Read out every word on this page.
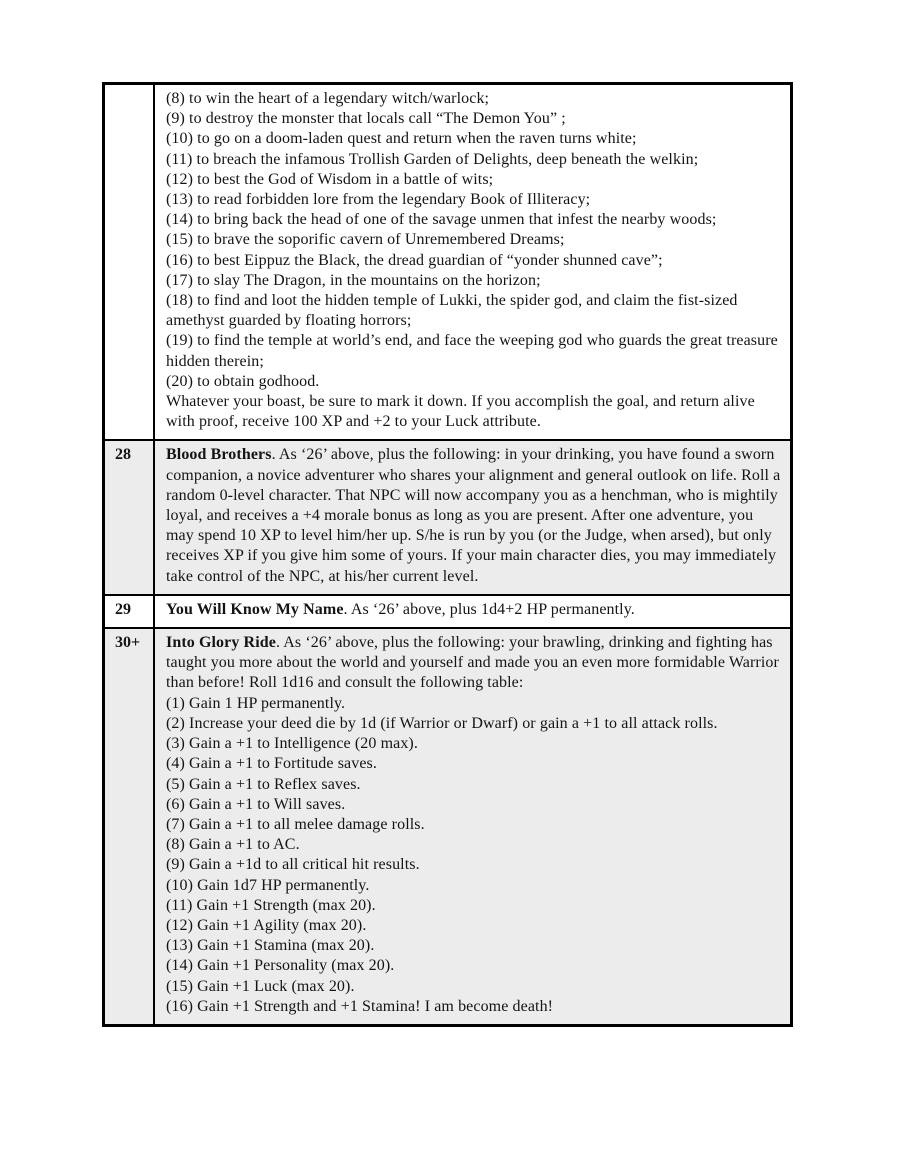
(8) to win the heart of a legendary witch/warlock;

(9) to destroy the monster that locals call “The Demon You” ;

(10) to go on a doom-laden quest and return when the raven turns white;

(11) to breach the infamous Trollish Garden of Delights, deep beneath the welkin;

(12) to best the God of Wisdom in a battle of wits;

(13) to read forbidden lore from the legendary Book of Illiteracy;

(14) to bring back the head of one of the savage unmen that infest the nearby woods;

(15) to brave the soporific cavern of Unremembered Dreams;

(16) to best Eippuz the Black, the dread guardian of “yonder shunned cave”;

(17) to slay The Dragon, in the mountains on the horizon;

(18) to find and loot the hidden temple of Lukki, the spider god, and claim the fist-sized amethyst guarded by floating horrors;

(19) to find the temple at world’s end, and face the weeping god who guards the great treasure hidden therein;

(20) to obtain godhood.

Whatever your boast, be sure to mark it down. If you accomplish the goal, and return alive with proof, receive 100 XP and +2 to your Luck attribute.

28	Blood Brothers. As ‘26’ above, plus the following: in your drinking, you have found a sworn companion, a novice adventurer who shares your alignment and general outlook on life. Roll a random 0-level character. That NPC will now accompany you as a henchman, who is mightily loyal, and receives a +4 morale bonus as long as you are present. After one adventure, you may spend 10 XP to level him/her up. S/he is run by you (or the Judge, when arsed), but only receives XP if you give him some of yours. If your main character dies, you may immediately take control of the NPC, at his/her current level.

29	You Will Know My Name. As ‘26’ above, plus 1d4+2 HP permanently.

30+	Into Glory Ride. As ‘26’ above, plus the following: your brawling, drinking and fighting has taught you more about the world and yourself and made you an even more formidable Warrior than before! Roll 1d16 and consult the following table:

(1) Gain 1 HP permanently.

(2) Increase your deed die by 1d (if Warrior or Dwarf) or gain a +1 to all attack rolls.

(3) Gain a +1 to Intelligence (20 max).

(4) Gain a +1 to Fortitude saves.

(5) Gain a +1 to Reflex saves.

(6) Gain a +1 to Will saves.

(7) Gain a +1 to all melee damage rolls.

(8) Gain a +1 to AC.

(9) Gain a +1d to all critical hit results.

(10) Gain 1d7 HP permanently.

(11) Gain +1 Strength (max 20).

(12) Gain +1 Agility (max 20).

(13) Gain +1 Stamina (max 20).

(14) Gain +1 Personality (max 20).

(15) Gain +1 Luck (max 20).

(16) Gain +1 Strength and +1 Stamina! I am become death!
